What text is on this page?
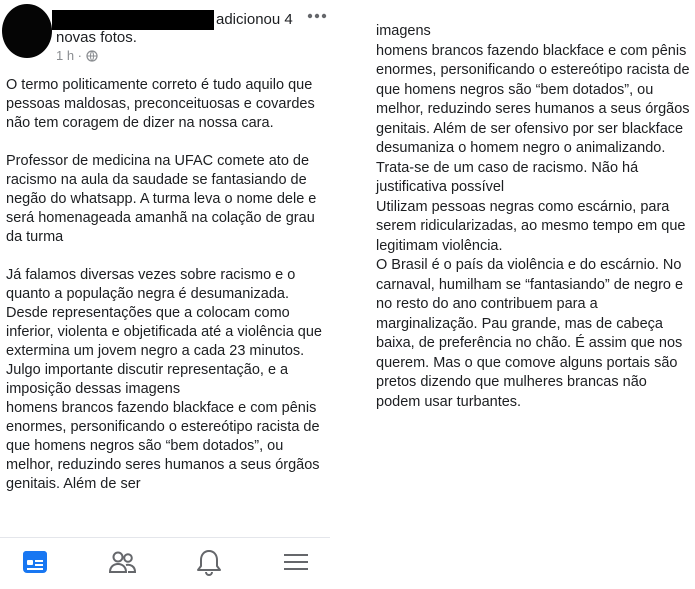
adicionou 4
novas fotos.
1 h ·

O termo politicamente correto é tudo aquilo que pessoas maldosas, preconceituosas e covardes não tem coragem de dizer na nossa cara.

Professor de medicina na UFAC comete ato de racismo na aula da saudade se fantasiando de negão do whatsapp. A turma leva o nome dele e será homenageada amanhã na colação de grau da turma

Já falamos diversas vezes sobre racismo e o quanto a população negra é desumanizada.

Desde representações que a colocam como inferior, violenta e objetificada até a violência que extermina um jovem negro a cada 23 minutos. Julgo importante discutir representação, e a imposição dessas imagens

homens brancos fazendo blackface e com pênis enormes, personificando o estereótipo racista de que homens negros são “bem dotados”, ou melhor, reduzindo seres humanos a seus órgãos genitais. Além de ser

imagens

homens brancos fazendo blackface e com pênis enormes, personificando o estereótipo racista de que homens negros são “bem dotados”, ou melhor, reduzindo seres humanos a seus órgãos genitais. Além de ser ofensivo por ser blackface desumaniza o homem negro o animalizando.

Trata-se de um caso de racismo. Não há justificativa possível

Utilizam pessoas negras como escárnio, para serem ridicularizadas, ao mesmo tempo em que legitimam violência.

O Brasil é o país da violência e do escárnio. No carnaval, humilham se “fantasiando” de negro e no resto do ano contribuem para a marginalização. Pau grande, mas de cabeça baixa, de preferência no chão. É assim que nos querem. Mas o que comove alguns portais são pretos dizendo que mulheres brancas não podem usar turbantes.
